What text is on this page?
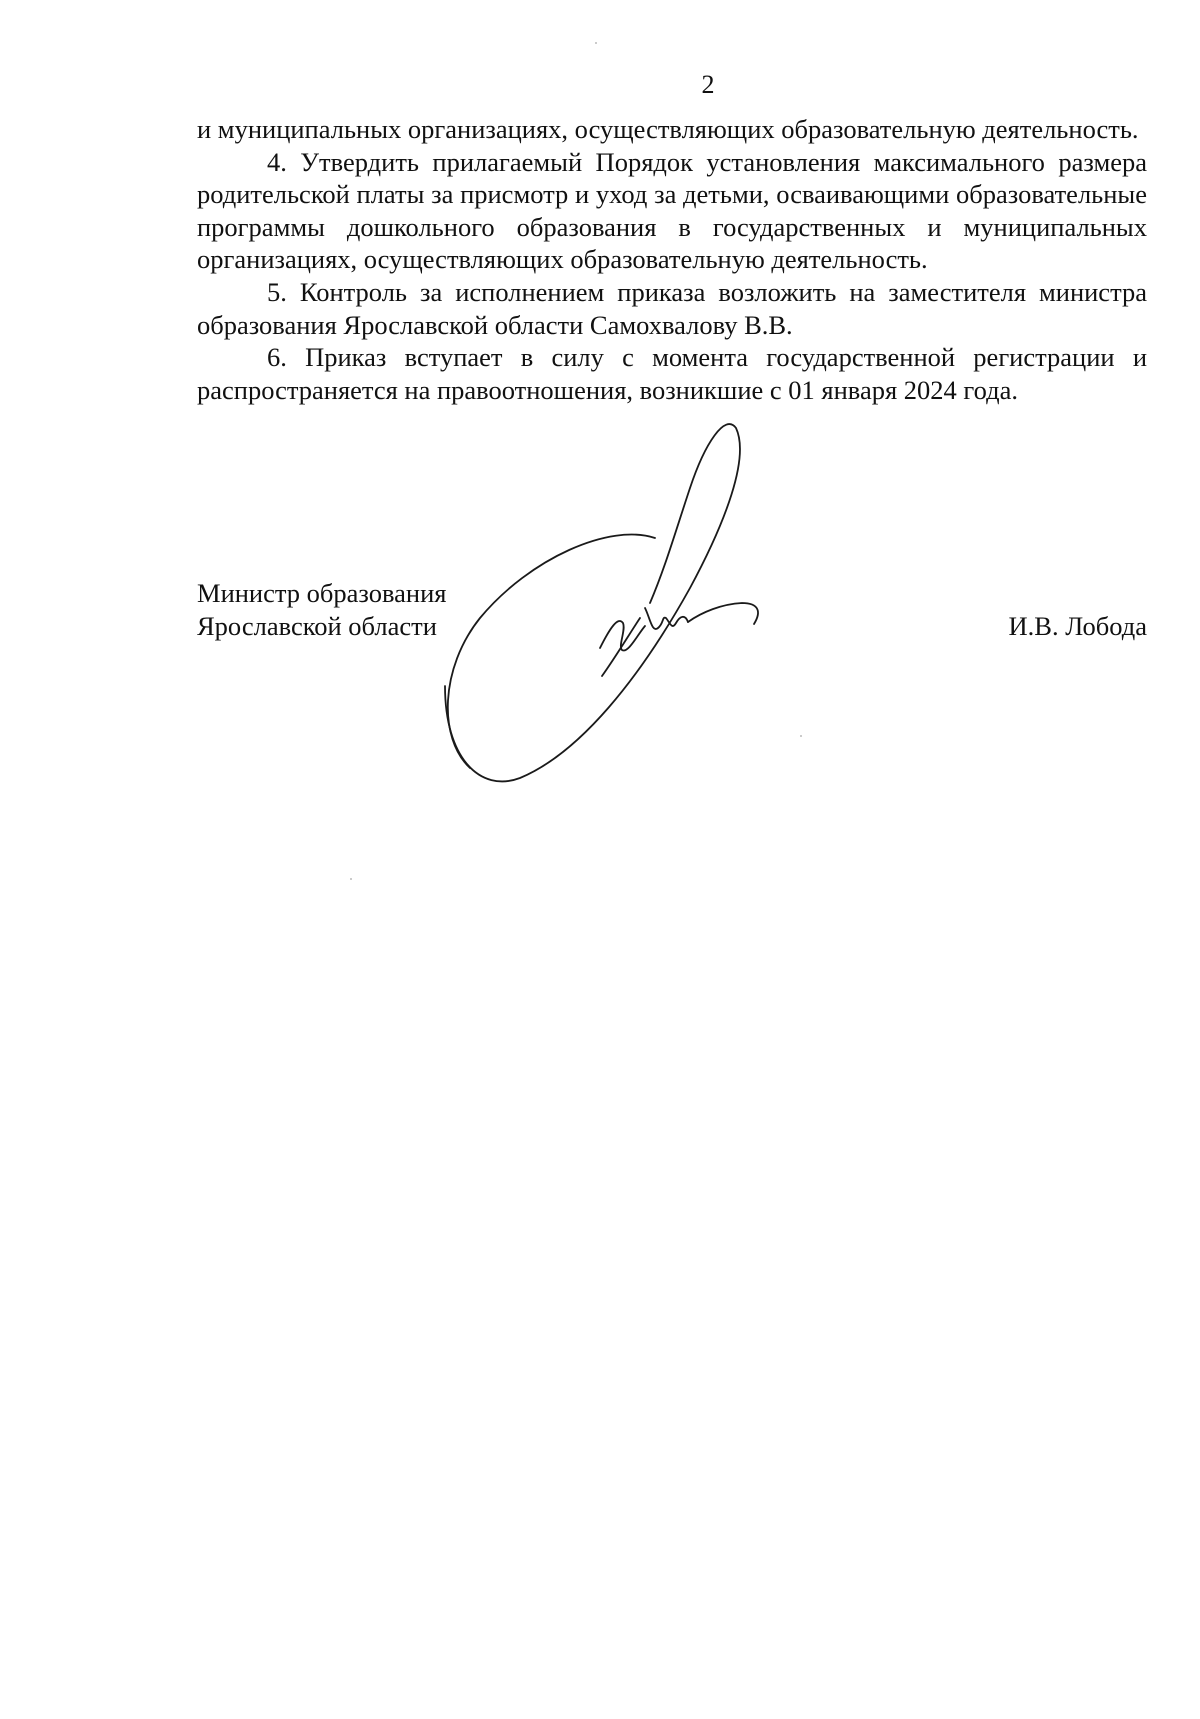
2

и муниципальных организациях, осуществляющих образовательную деятельность.

4. Утвердить прилагаемый Порядок установления максимального размера родительской платы за присмотр и уход за детьми, осваивающими образовательные программы дошкольного образования в государственных и муниципальных организациях, осуществляющих образовательную деятельность.

5. Контроль за исполнением приказа возложить на заместителя министра образования Ярославской области Самохвалову В.В.

6. Приказ вступает в силу с момента государственной регистрации и распространяется на правоотношения, возникшие с 01 января 2024 года.

Министр образования
Ярославской области	И.В. Лобода
